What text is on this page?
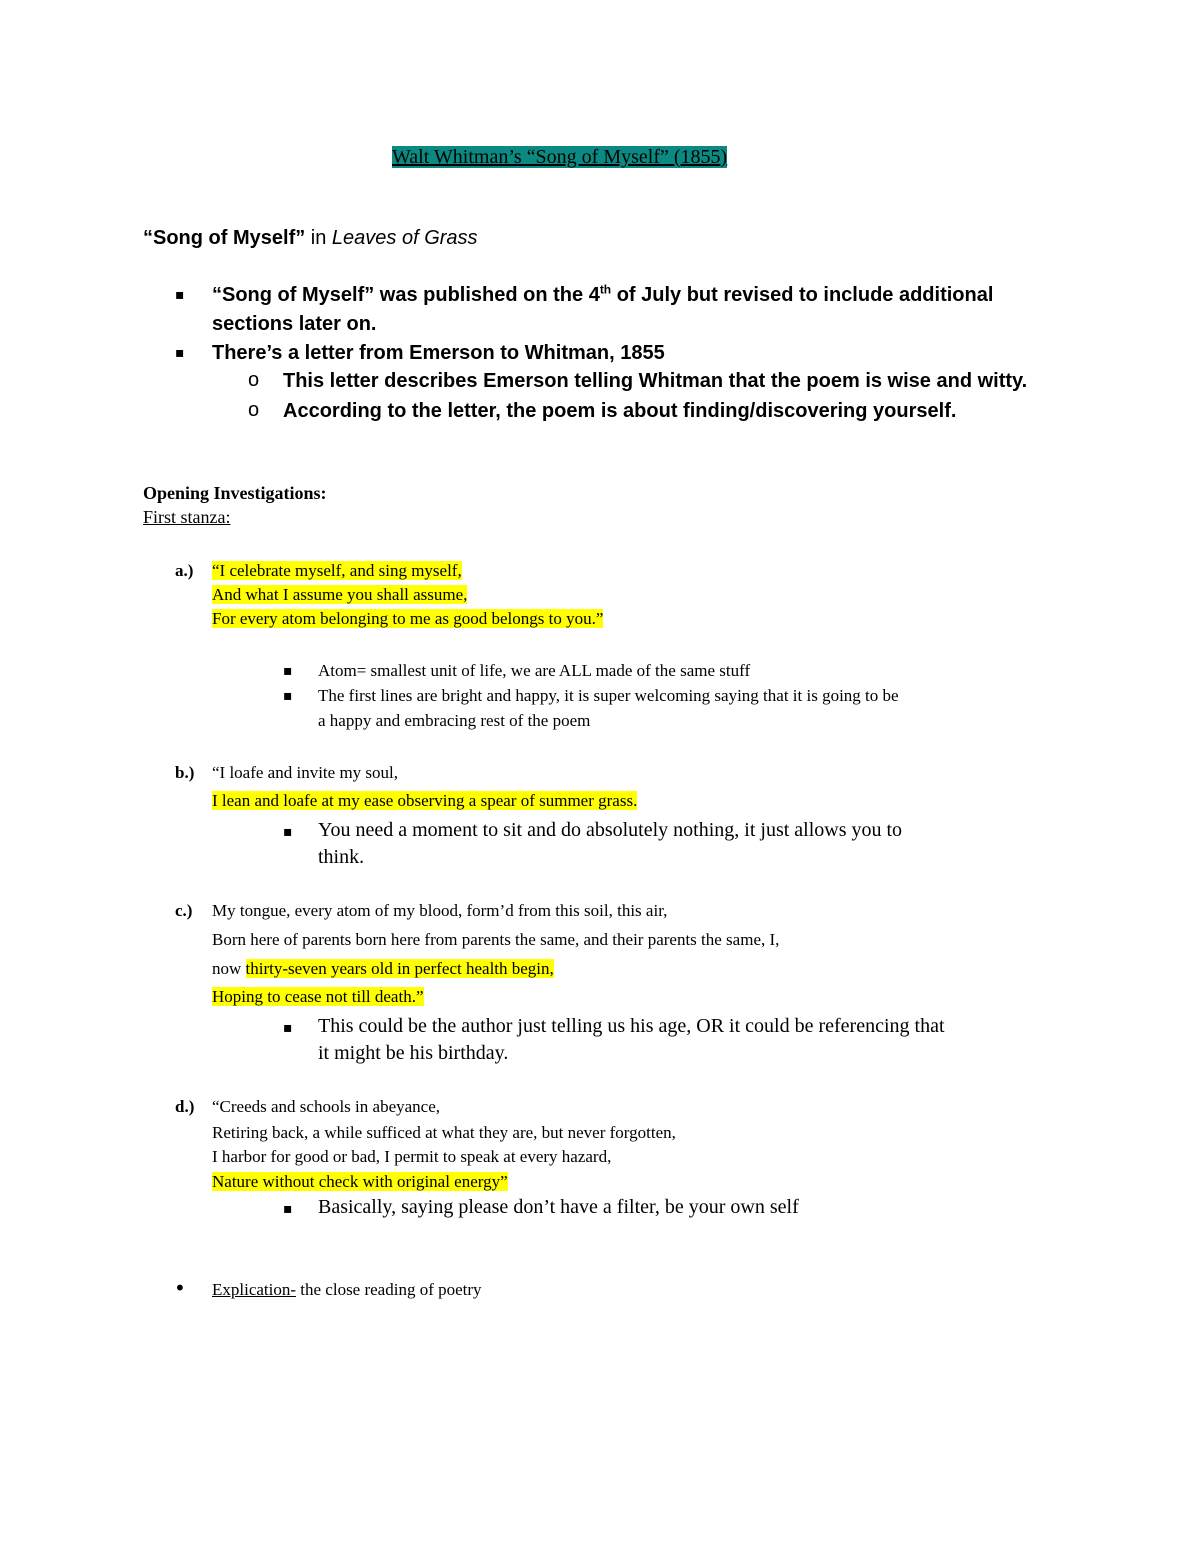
Walt Whitman’s “Song of Myself” (1855)
“Song of Myself” in Leaves of Grass
▪ “Song of Myself” was published on the 4th of July but revised to include additional
sections later on.
▪ There’s a letter from Emerson to Whitman, 1855
o This letter describes Emerson telling Whitman that the poem is wise and witty.
o According to the letter, the poem is about finding/discovering yourself.
Opening Investigations:
First stanza:
a.) “I celebrate myself, and sing myself,
And what I assume you shall assume,
For every atom belonging to me as good belongs to you.”
▪ Atom= smallest unit of life, we are ALL made of the same stuff
▪ The first lines are bright and happy, it is super welcoming saying that it is going to be
a happy and embracing rest of the poem
b.) “I loafe and invite my soul,
I lean and loafe at my ease observing a spear of summer grass.
▪ You need a moment to sit and do absolutely nothing, it just allows you to
think.
c.) My tongue, every atom of my blood, form’d from this soil, this air,
Born here of parents born here from parents the same, and their parents the same, I,
now thirty-seven years old in perfect health begin,
Hoping to cease not till death.”
▪ This could be the author just telling us his age, OR it could be referencing that
it might be his birthday.
d.) “Creeds and schools in abeyance,
Retiring back, a while sufficed at what they are, but never forgotten,
I harbor for good or bad, I permit to speak at every hazard,
Nature without check with original energy”
▪ Basically, saying please don’t have a filter, be your own self
• Explication- the close reading of poetry
